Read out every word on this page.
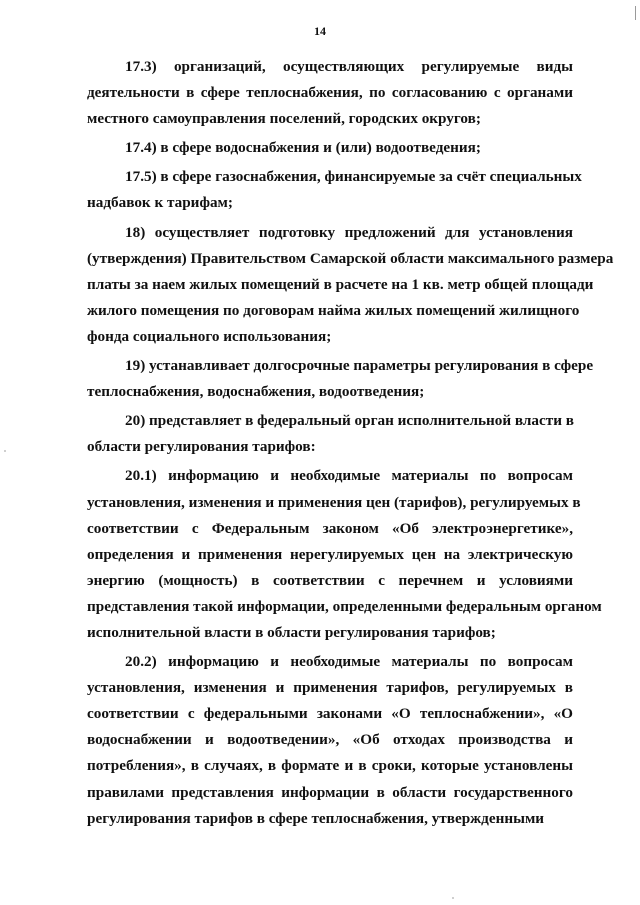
14
17.3) организаций, осуществляющих регулируемые виды
деятельности в сфере теплоснабжения, по согласованию с органами
местного самоуправления поселений, городских округов;
17.4) в сфере водоснабжения и (или) водоотведения;
17.5) в сфере газоснабжения, финансируемые за счёт специальных
надбавок к тарифам;
18) осуществляет подготовку предложений для установления
(утверждения) Правительством Самарской области максимального размера
платы за наем жилых помещений в расчете на 1 кв. метр общей площади
жилого помещения по договорам найма жилых помещений жилищного
фонда социального использования;
19) устанавливает долгосрочные параметры регулирования в сфере
теплоснабжения, водоснабжения, водоотведения;
20) представляет в федеральный орган исполнительной власти в
области регулирования тарифов:
20.1) информацию и необходимые материалы по вопросам
установления, изменения и применения цен (тарифов), регулируемых в
соответствии с Федеральным законом «Об электроэнергетике»,
определения и применения нерегулируемых цен на электрическую
энергию (мощность) в соответствии с перечнем и условиями
представления такой информации, определенными федеральным органом
исполнительной власти в области регулирования тарифов;
20.2) информацию и необходимые материалы по вопросам
установления, изменения и применения тарифов, регулируемых в
соответствии с федеральными законами «О теплоснабжении», «О
водоснабжении и водоотведении», «Об отходах производства и
потребления», в случаях, в формате и в сроки, которые установлены
правилами представления информации в области государственного
регулирования тарифов в сфере теплоснабжения, утвержденными
